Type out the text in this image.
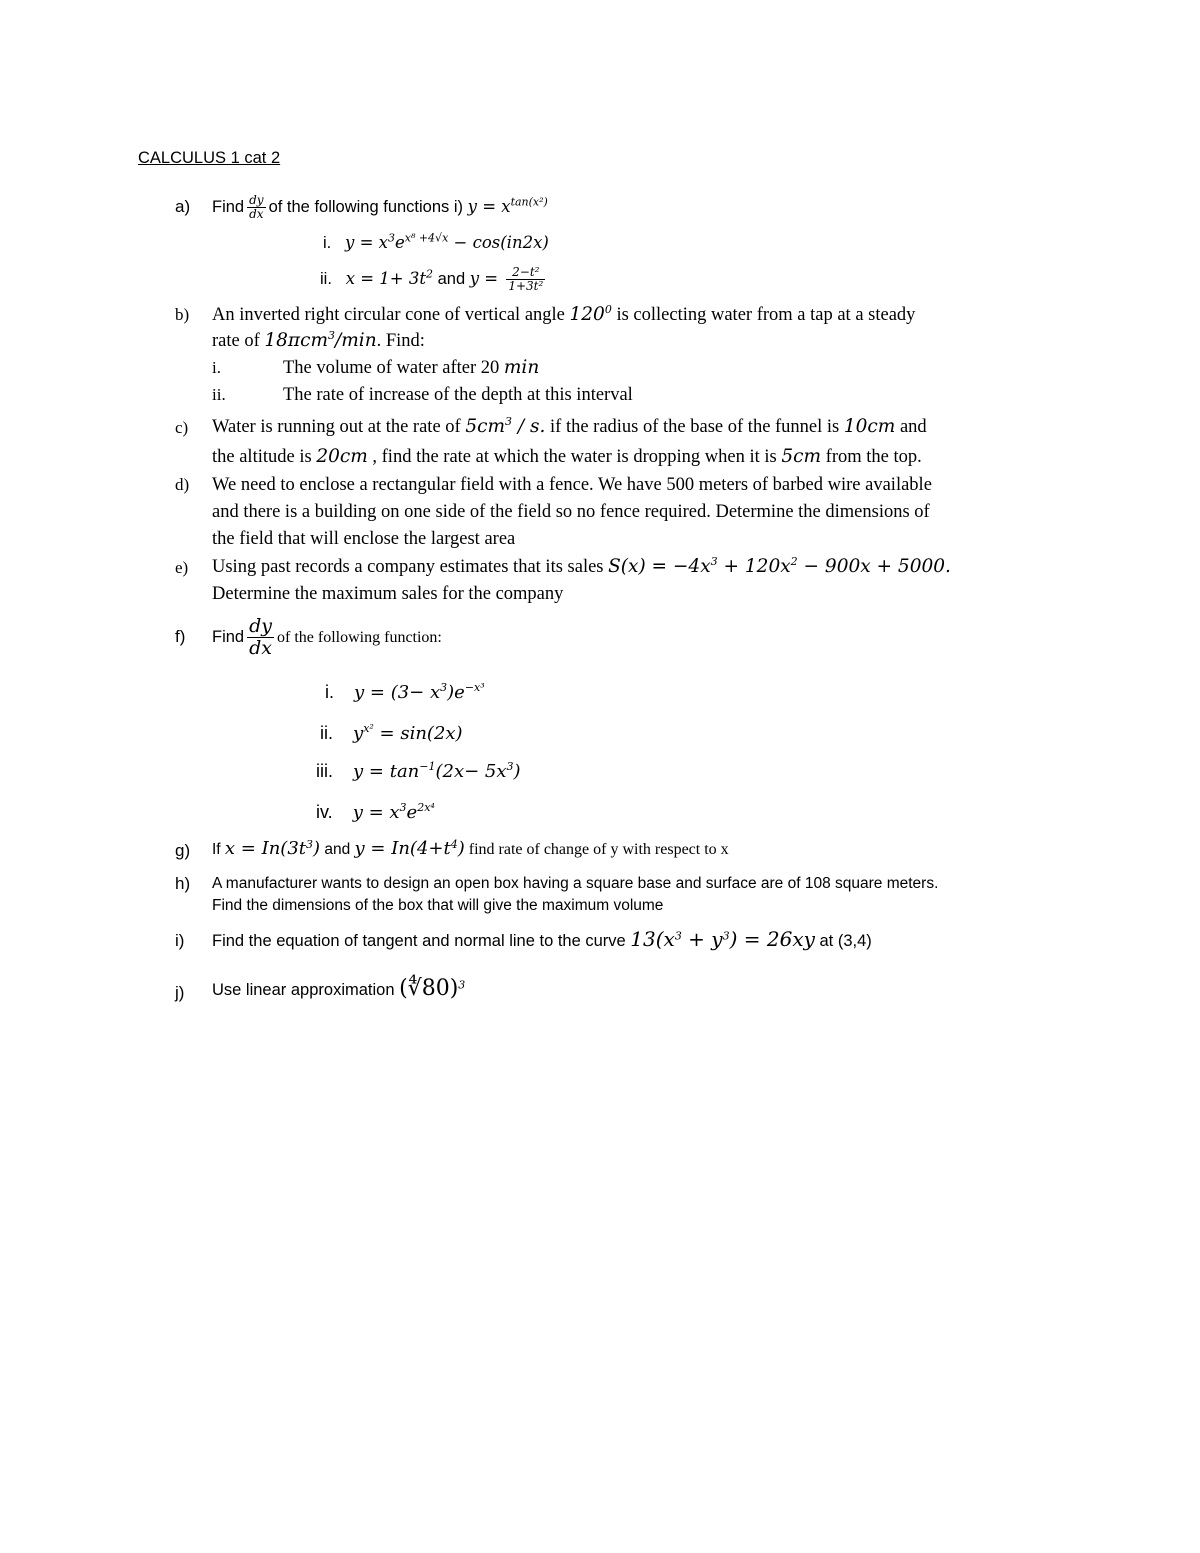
CALCULUS 1 cat 2
a) Find $\frac{dy}{dx}$ of the following functions i) $y = x^{tan(x^2)}$
i. $y = x^3e^{x^8 +4√x} - \cos(in2x)$
ii. $x = 1+ 3t^2$ and $y = \frac{\text{2−t²}}{\text{1+3t²}}$
b) An inverted right circular cone of vertical angle $120^0$ is collecting water from a tap at a steady
rate of 18πcm$^3$/min. Find:
i.	The volume of water after 20 min
ii.	The rate of increase of the depth at this interval
c) Water is running out at the rate of $5cm^3$ / s. if the radius of the base of the funnel is 10cm and
the altitude is 20cm , find the rate at which the water is dropping when it is 5cm from the top.
d) We need to enclose a rectangular field with a fence. We have 500 meters of barbed wire available
and there is a building on one side of the field so no fence required. Determine the dimensions of
the field that will enclose the largest area
e) Using past records a company estimates that its sales $S(x) = -4x^3 + 120x^2 - 900x + 5000$.
Determine the maximum sales for the company
f) Find $\frac{dy}{dx}$ of the following function:
i. $y = (3- x^3)e^{-x^3}$
ii. $y^{x^2} = \sin(2x)$
iii. $y = \tan^{-1}(2x- 5x^3)$
iv. $y = x^3e^{2x^4}$
g) If $x = In(3t^3)$ and $y = In(4+t^4)$ find rate of change of y with respect to x
h) A manufacturer wants to design an open box having a square base and surface are of 108 square meters.
Find the dimensions of the box that will give the maximum volume
i) Find the equation of tangent and normal line to the curve $13(x^3 + y^3) = 26xy$ at (3,4)
j) Use linear approximation (∜80)$^3$
